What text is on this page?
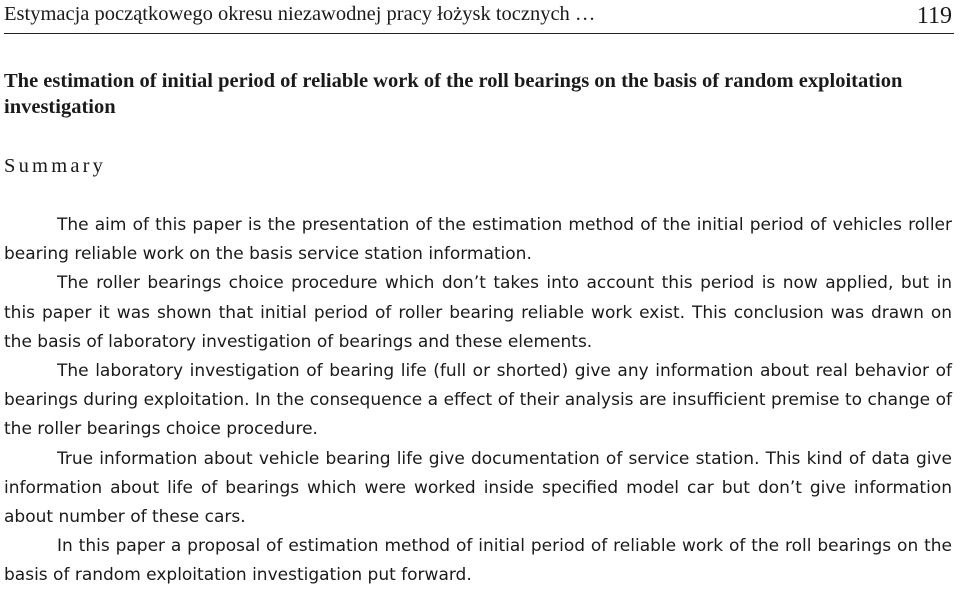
Estymacja początkowego okresu niezawodnej pracy łożysk tocznych …	119
The estimation of initial period of reliable work of the roll bearings on the basis of random exploitation investigation
Summary

The aim of this paper is the presentation of the estimation method of the initial period of vehicles roller bearing reliable work on the basis service station information.

The roller bearings choice procedure which don’t takes into account this period is now applied, but in this paper it was shown that initial period of roller bearing reliable work exist. This conclusion was drawn on the basis of laboratory investigation of bearings and these elements.

The laboratory investigation of bearing life (full or shorted) give any information about real behavior of bearings during exploitation. In the consequence a effect of their analysis are insufficient premise to change of the roller bearings choice procedure.

True information about vehicle bearing life give documentation of service station. This kind of data give information about life of bearings which were worked inside specified model car but don’t give information about number of these cars.

In this paper a proposal of estimation method of initial period of reliable work of the roll bearings on the basis of random exploitation investigation put forward.
